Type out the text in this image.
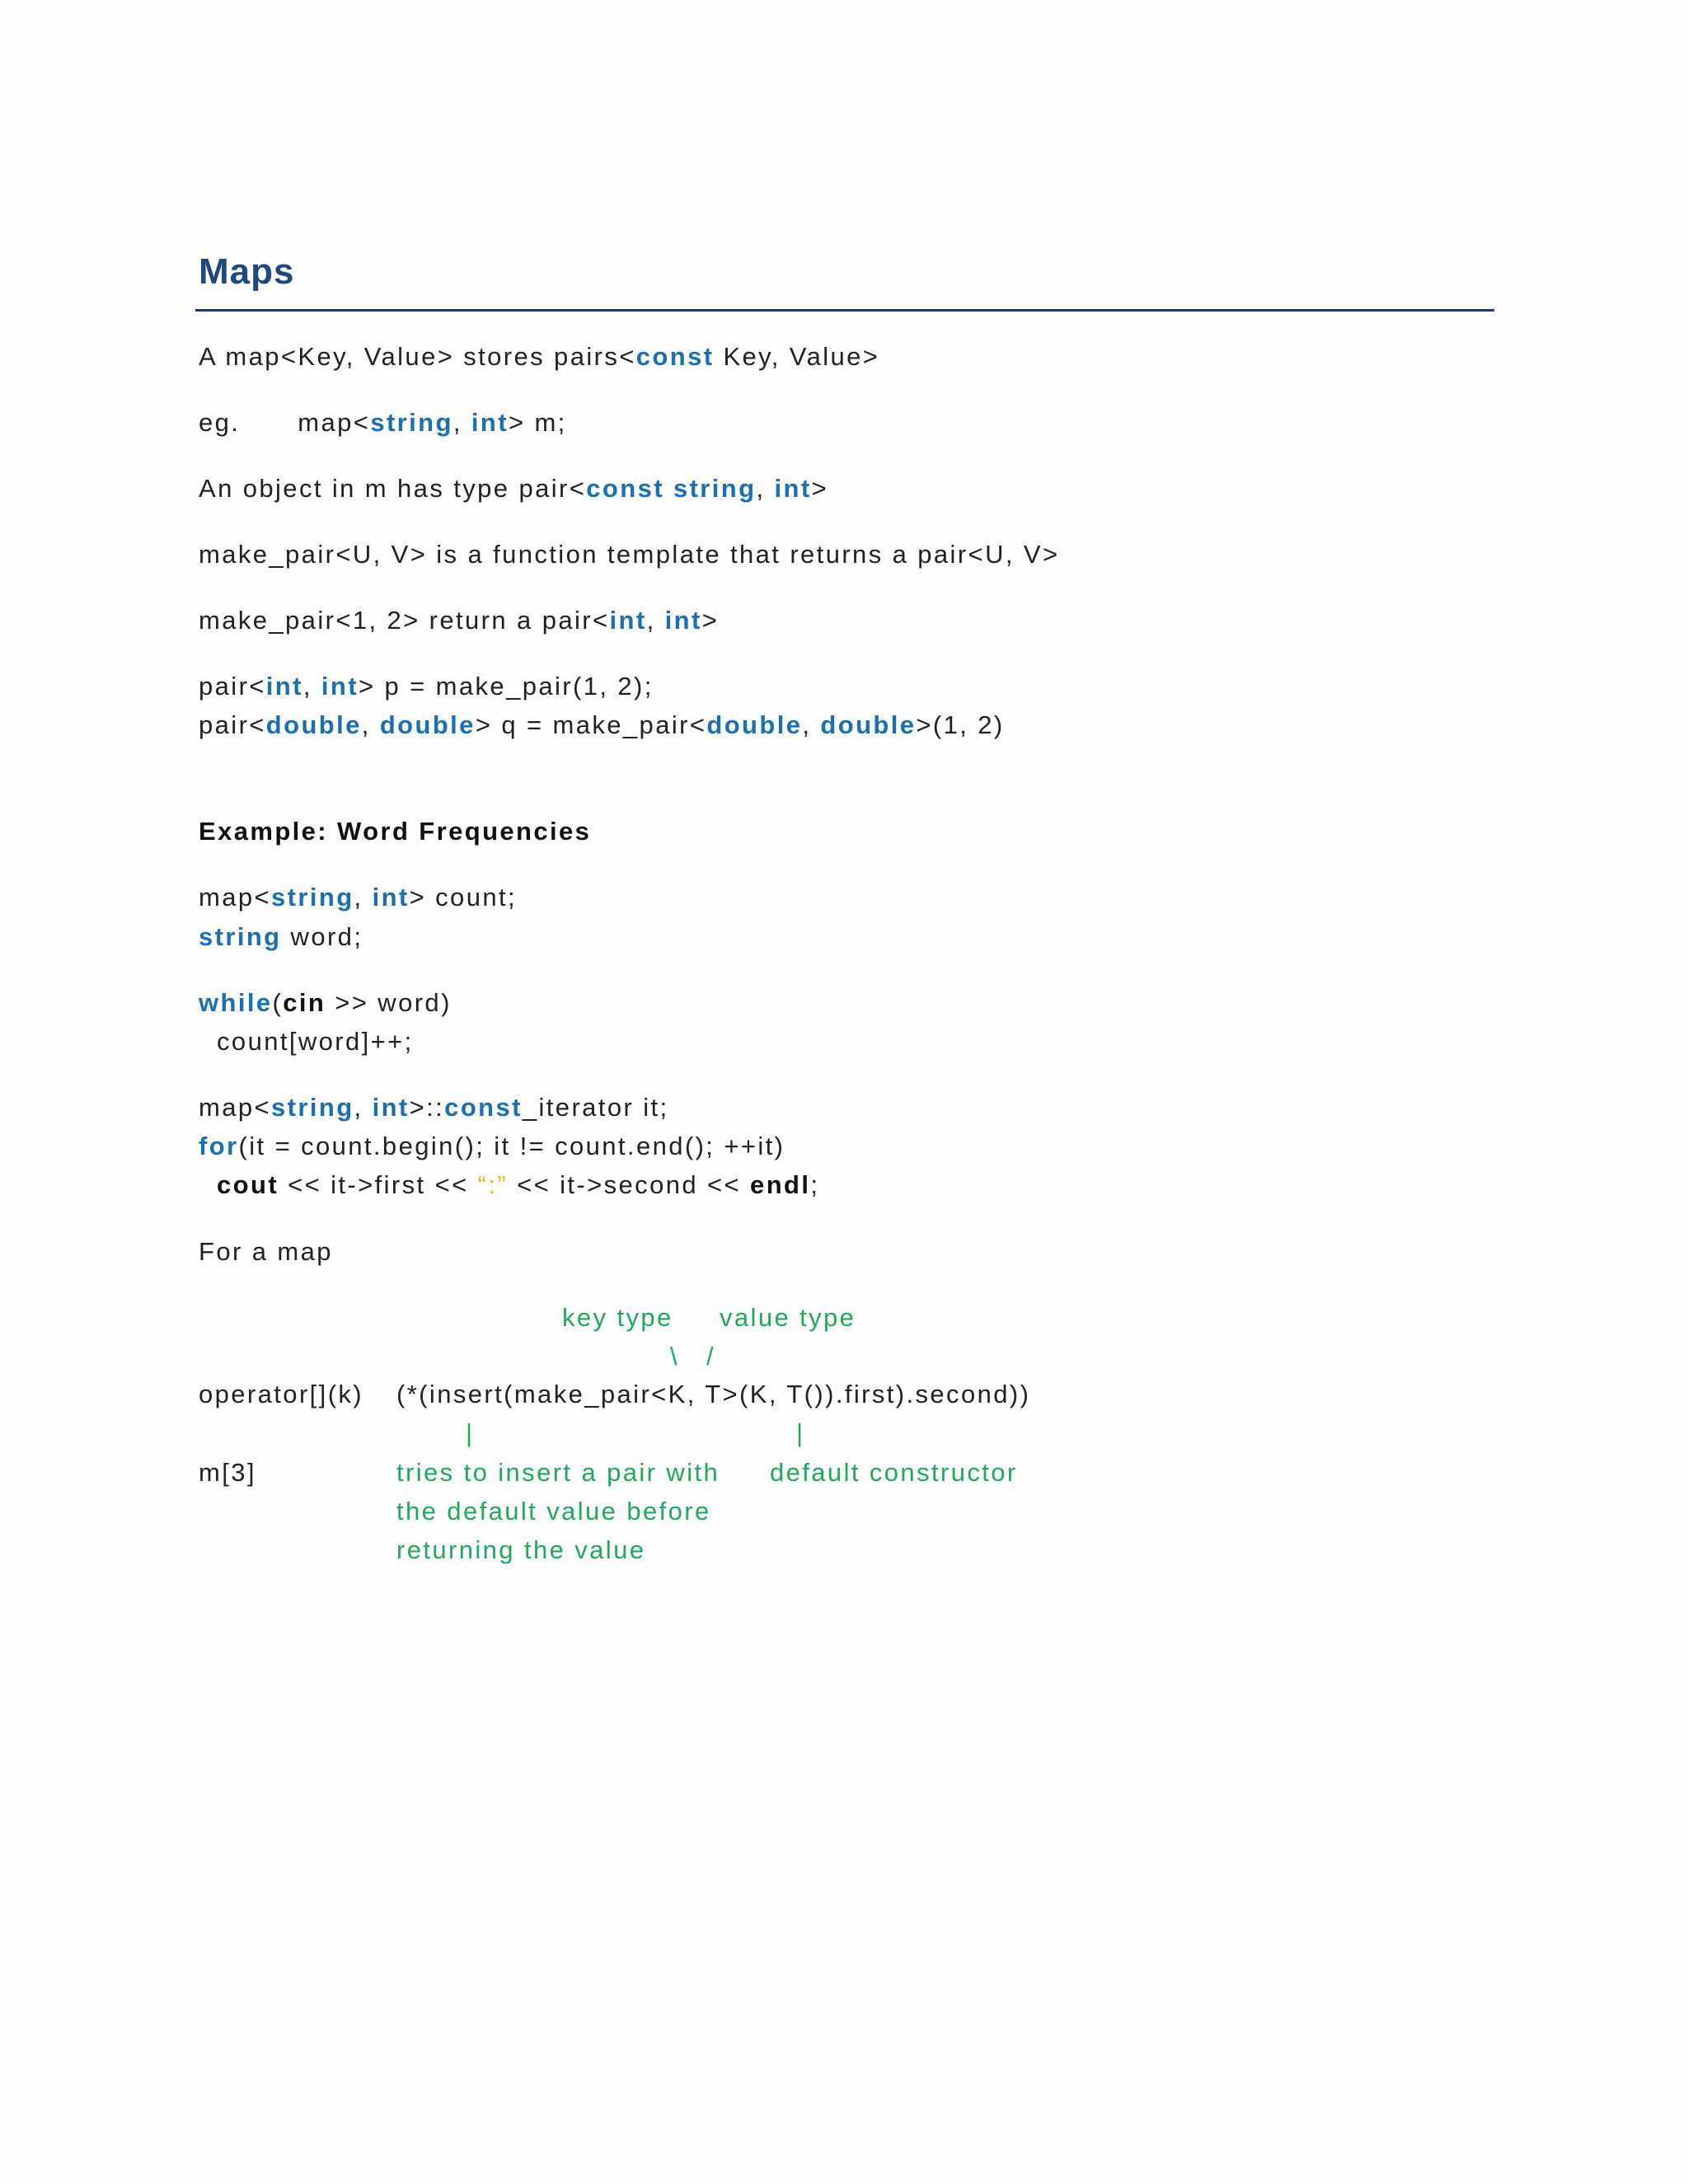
Maps
A map<Key, Value> stores pairs<const Key, Value>
eg. map<string, int> m;
An object in m has type pair<const string, int>
make_pair<U, V> is a function template that returns a pair<U, V>
make_pair<1, 2> return a pair<int, int>
pair<int, int> p = make_pair(1, 2);
pair<double, double> q = make_pair<double, double>(1, 2)
Example: Word Frequencies
map<string, int> count;
string word;
while(cin >> word)
count[word]++;
map<string, int>::const_iterator it;
for(it = count.begin(); it != count.end(); ++it)
cout << it->first << “:” << it->second << endl;
For a map
key type value type
\   /
operator[](k) (*(insert(make_pair<K, T>(K, T()).first).second))
|	|
m[3]	tries to insert a pair with
the default value before
returning the value
default constructor
